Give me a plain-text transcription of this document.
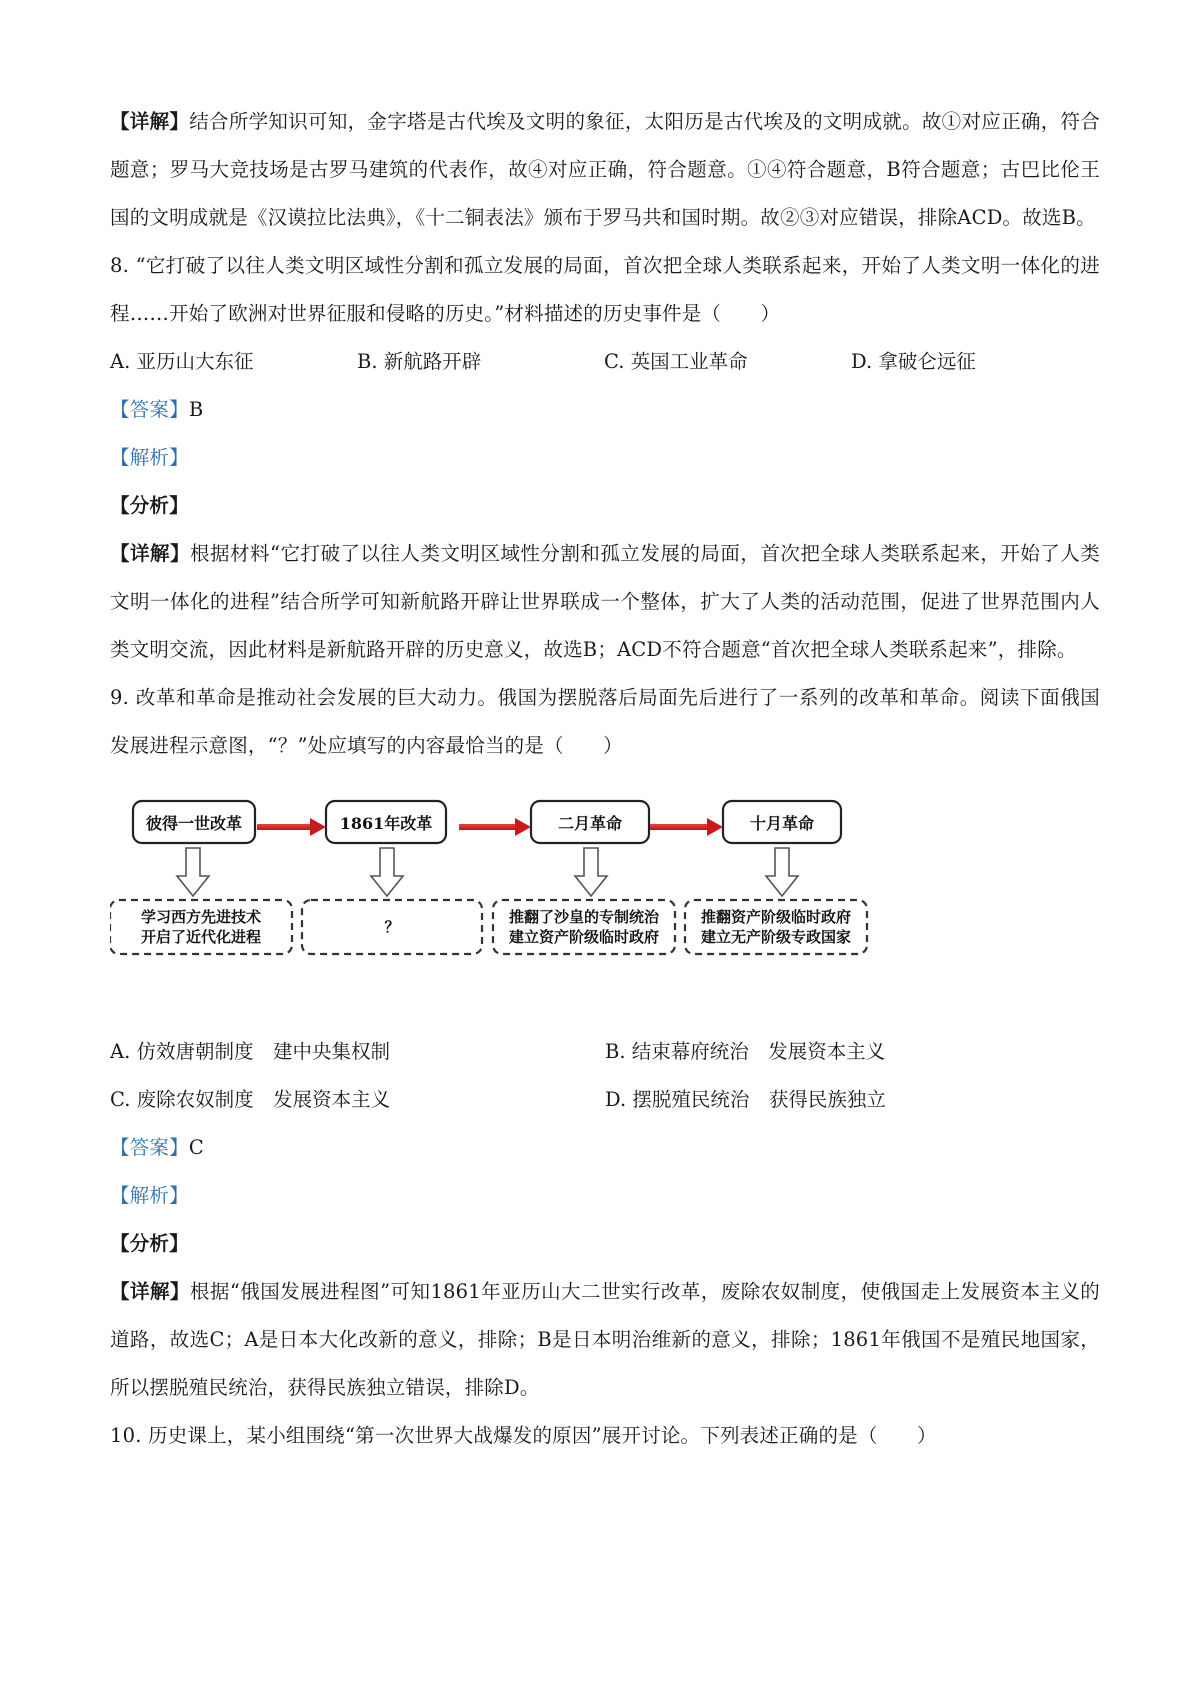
【详解】结合所学知识可知，金字塔是古代埃及文明的象征，太阳历是古代埃及的文明成就。故①对应正确，符合题意；罗马大竞技场是古罗马建筑的代表作，故④对应正确，符合题意。①④符合题意，B符合题意；古巴比伦王国的文明成就是《汉谟拉比法典》，《十二铜表法》颁布于罗马共和国时期。故②③对应错误，排除ACD。故选B。

8. “它打破了以往人类文明区域性分割和孤立发展的局面，首次把全球人类联系起来，开始了人类文明一体化的进程……开始了欧洲对世界征服和侵略的历史。”材料描述的历史事件是（　　）

A. 亚历山大东征	B. 新航路开辟	C. 英国工业革命	D. 拿破仑远征

【答案】B

【解析】

【分析】

【详解】根据材料“它打破了以往人类文明区域性分割和孤立发展的局面，首次把全球人类联系起来，开始了人类文明一体化的进程”结合所学可知新航路开辟让世界联成一个整体，扩大了人类的活动范围，促进了世界范围内人类文明交流，因此材料是新航路开辟的历史意义，故选B；ACD不符合题意“首次把全球人类联系起来”，排除。

9. 改革和革命是推动社会发展的巨大动力。俄国为摆脱落后局面先后进行了一系列的改革和革命。阅读下面俄国发展进程示意图，“？”处应填写的内容最恰当的是（　　）

彼得一世改革	1861年改革	二月革命	十月革命
学习西方先进技术
开启了近代化进程
？
推翻了沙皇的专制统治
建立资产阶级临时政府
推翻资产阶级临时政府
建立无产阶级专政国家
A. 仿效唐朝制度　建中央集权制	B. 结束幕府统治　发展资本主义
C. 废除农奴制度　发展资本主义	D. 摆脱殖民统治　获得民族独立

【答案】C

【解析】

【分析】

【详解】根据“俄国发展进程图”可知1861年亚历山大二世实行改革，废除农奴制度，使俄国走上发展资本主义的道路，故选C；A是日本大化改新的意义，排除；B是日本明治维新的意义，排除；1861年俄国不是殖民地国家，所以摆脱殖民统治，获得民族独立错误，排除D。

10. 历史课上，某小组围绕“第一次世界大战爆发的原因”展开讨论。下列表述正确的是（　　）
